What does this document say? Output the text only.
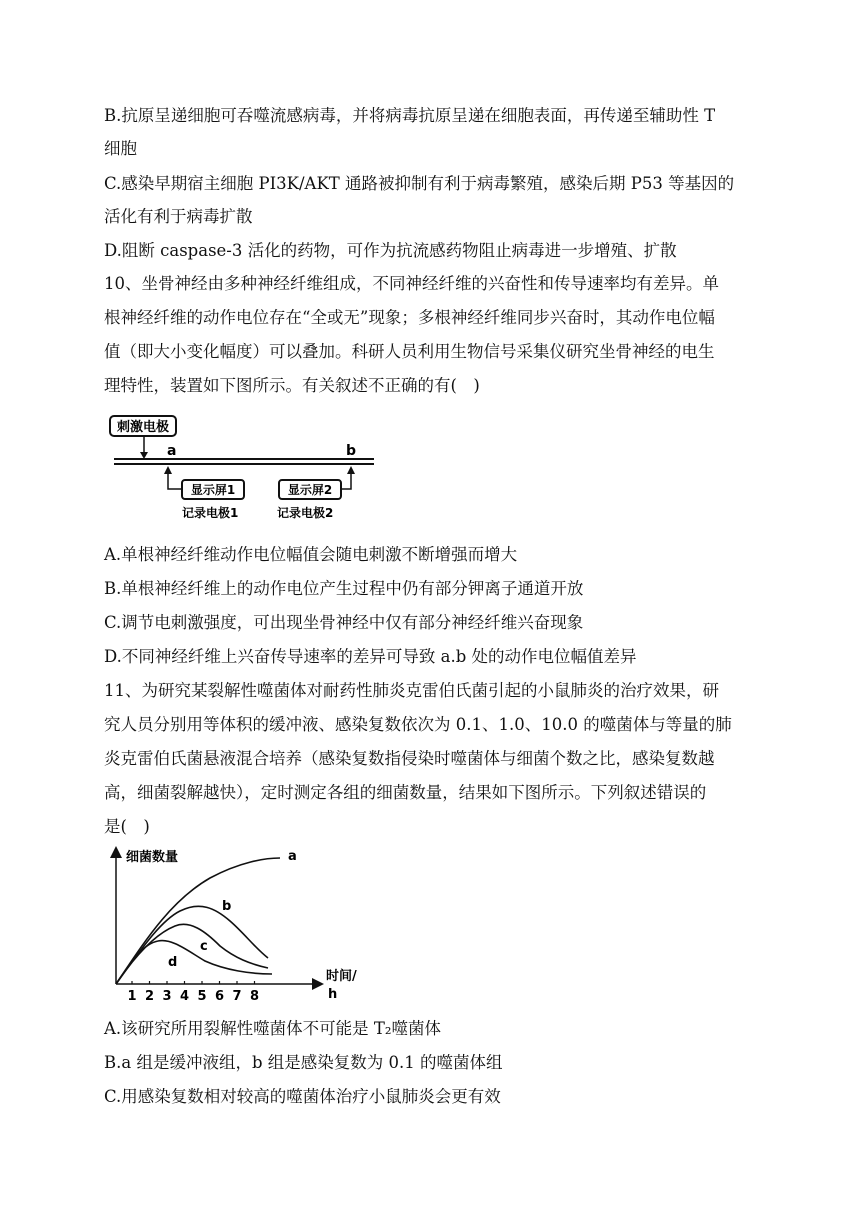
B.抗原呈递细胞可吞噬流感病毒，并将病毒抗原呈递在细胞表面，再传递至辅助性 T
细胞
C.感染早期宿主细胞 PI3K/AKT 通路被抑制有利于病毒繁殖，感染后期 P53 等基因的
活化有利于病毒扩散
D.阻断 caspase-3 活化的药物，可作为抗流感药物阻止病毒进一步增殖、扩散
10、坐骨神经由多种神经纤维组成，不同神经纤维的兴奋性和传导速率均有差异。单
根神经纤维的动作电位存在“全或无”现象；多根神经纤维同步兴奋时，其动作电位幅
值（即大小变化幅度）可以叠加。科研人员利用生物信号采集仪研究坐骨神经的电生
理特性，装置如下图所示。有关叙述不正确的有(　)
刺激电极
a	b
显示屏1
记录电极1
显示屏2
记录电极2
A.单根神经纤维动作电位幅值会随电刺激不断增强而增大
B.单根神经纤维上的动作电位产生过程中仍有部分钾离子通道开放
C.调节电刺激强度，可出现坐骨神经中仅有部分神经纤维兴奋现象
D.不同神经纤维上兴奋传导速率的差异可导致 a.b 处的动作电位幅值差异
11、为研究某裂解性噬菌体对耐药性肺炎克雷伯氏菌引起的小鼠肺炎的治疗效果，研
究人员分别用等体积的缓冲液、感染复数依次为 0.1、1.0、10.0 的噬菌体与等量的肺
炎克雷伯氏菌悬液混合培养（感染复数指侵染时噬菌体与细菌个数之比，感染复数越
高，细菌裂解越快），定时测定各组的细菌数量，结果如下图所示。下列叙述错误的
是(　)
细菌数量
时间/
h
a
b
c
d
1 2 3 4 5 6 7 8
A.该研究所用裂解性噬菌体不可能是 T₂噬菌体
B.a 组是缓冲液组，b 组是感染复数为 0.1 的噬菌体组
C.用感染复数相对较高的噬菌体治疗小鼠肺炎会更有效
